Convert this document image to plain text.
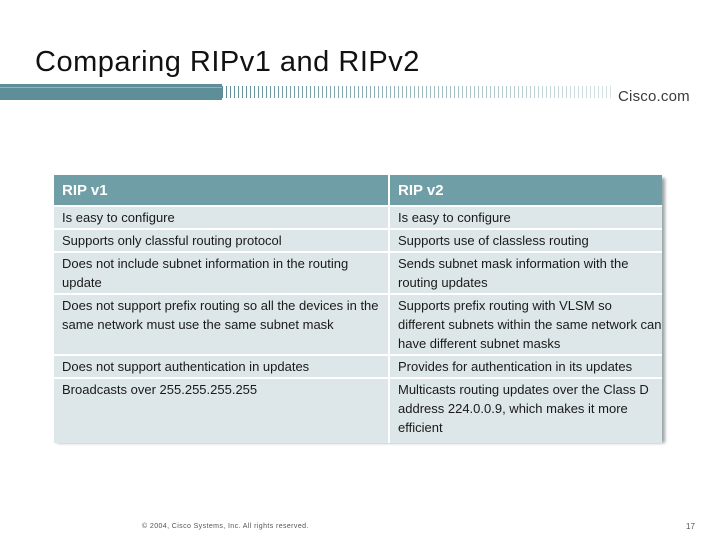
Comparing RIPv1 and RIPv2
Cisco.com
RIP v1	RIP v2
Is easy to configure	Is easy to configure
Supports only classful routing protocol	Supports use of classless routing
Does not include subnet information in the routing update	Sends subnet mask information with the routing updates
Does not support prefix routing so all the devices in the same network must use the same subnet mask	Supports prefix routing with VLSM so different subnets within the same network can have different subnet masks
Does not support authentication in updates	Provides for authentication in its updates
Broadcasts over 255.255.255.255	Multicasts routing updates over the Class D address 224.0.0.9, which makes it more efficient
© 2004, Cisco Systems, Inc. All rights reserved.	17
